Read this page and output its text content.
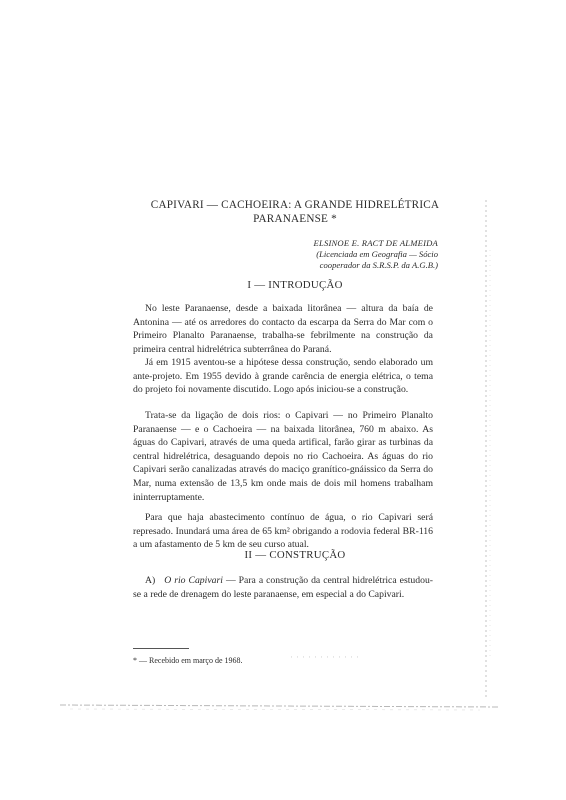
CAPIVARI — CACHOEIRA: A GRANDE HIDRELÉTRICA
PARANAENSE *
ELSINOE E. RACT DE ALMEIDA
(Licenciada em Geografia — Sócio
cooperador da S.R.S.P. da A.G.B.)
I — INTRODUÇÃO

No leste Paranaense, desde a baixada litorânea — altura da baía de Antonina — até os arredores do contacto da escarpa da Serra do Mar com o Primeiro Planalto Paranaense, trabalha-se febrilmente na construção da primeira central hidrelétrica subterrânea do Paraná.

Já em 1915 aventou-se a hipótese dessa construção, sendo elaborado um ante-projeto. Em 1955 devido à grande carência de energia elétrica, o tema do projeto foi novamente discutido. Logo após iniciou-se a construção.

Trata-se da ligação de dois rios: o Capivari — no Primeiro Planalto Paranaense — e o Cachoeira — na baixada litorânea, 760 m abaixo. As águas do Capivari, através de uma queda artifical, farão girar as turbinas da central hidrelétrica, desaguando depois no rio Cachoeira. As águas do rio Capivari serão canalizadas através do maciço granítico-gnáissico da Serra do Mar, numa extensão de 13,5 km onde mais de dois mil homens trabalham ininterruptamente.

Para que haja abastecimento contínuo de água, o rio Capivari será represado. Inundará uma área de 65 km² obrigando a rodovia federal BR-116 a um afastamento de 5 km de seu curso atual.

II — CONSTRUÇÃO

A) O rio Capivari — Para a construção da central hidrelétrica estudou-se a rede de drenagem do leste paranaense, em especial a do Capivari.

* — Recebido em março de 1968.	············
